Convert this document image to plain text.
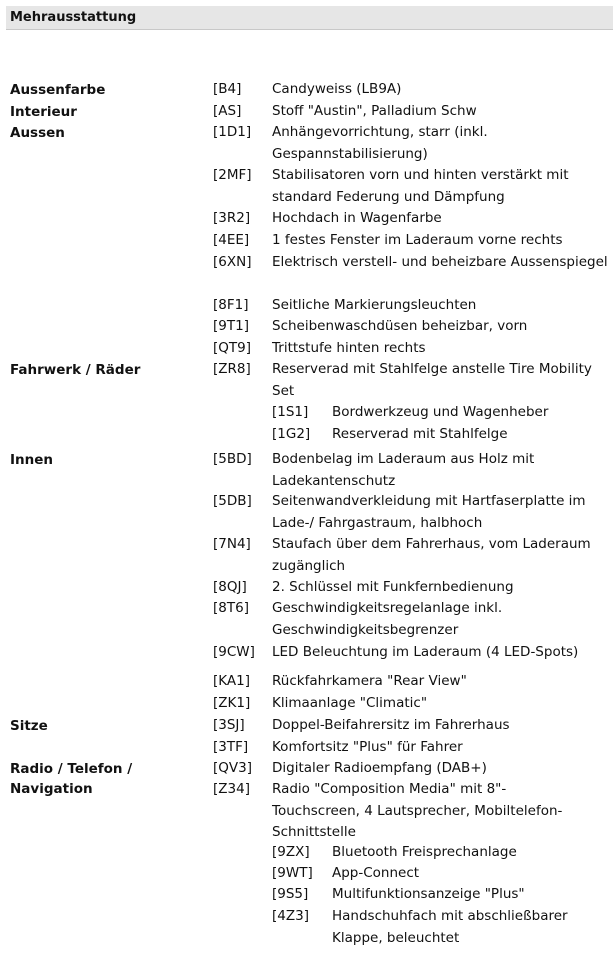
Mehrausstattung
Aussenfarbe
Interieur
Aussen
Fahrwerk / Räder
Innen
Sitze
Radio / Telefon /
Navigation
[B4] Candyweiss (LB9A)
[AS] Stoff "Austin", Palladium Schw
[1D1] Anhängevorrichtung, starr (inkl. Gespannstabilisierung)
[2MF] Stabilisatoren vorn und hinten verstärkt mit standard Federung und Dämpfung
[3R2] Hochdach in Wagenfarbe
[4EE] 1 festes Fenster im Laderaum vorne rechts
[6XN] Elektrisch verstell- und beheizbare Aussenspiegel
[8F1] Seitliche Markierungsleuchten
[9T1] Scheibenwaschdüsen beheizbar, vorn
[QT9] Trittstufe hinten rechts
[ZR8] Reserverad mit Stahlfelge anstelle Tire Mobility Set
[1S1] Bordwerkzeug und Wagenheber
[1G2] Reserverad mit Stahlfelge
[5BD] Bodenbelag im Laderaum aus Holz mit Ladekantenschutz
[5DB] Seitenwandverkleidung mit Hartfaserplatte im Lade-/ Fahrgastraum, halbhoch
[7N4] Staufach über dem Fahrerhaus, vom Laderaum zugänglich
[8QJ] 2. Schlüssel mit Funkfernbedienung
[8T6] Geschwindigkeitsregelanlage inkl. Geschwindigkeitsbegrenzer
[9CW] LED Beleuchtung im Laderaum (4 LED-Spots)
[KA1] Rückfahrkamera "Rear View"
[ZK1] Klimaanlage "Climatic"
[3SJ] Doppel-Beifahrersitz im Fahrerhaus
[3TF] Komfortsitz "Plus" für Fahrer
[QV3] Digitaler Radioempfang (DAB+)
[Z34] Radio "Composition Media" mit 8"-Touchscreen, 4 Lautsprecher, Mobiltelefon-Schnittstelle
[9ZX] Bluetooth Freisprechanlage
[9WT] App-Connect
[9S5] Multifunktionsanzeige "Plus"
[4Z3] Handschuhfach mit abschließbarer Klappe, beleuchtet
